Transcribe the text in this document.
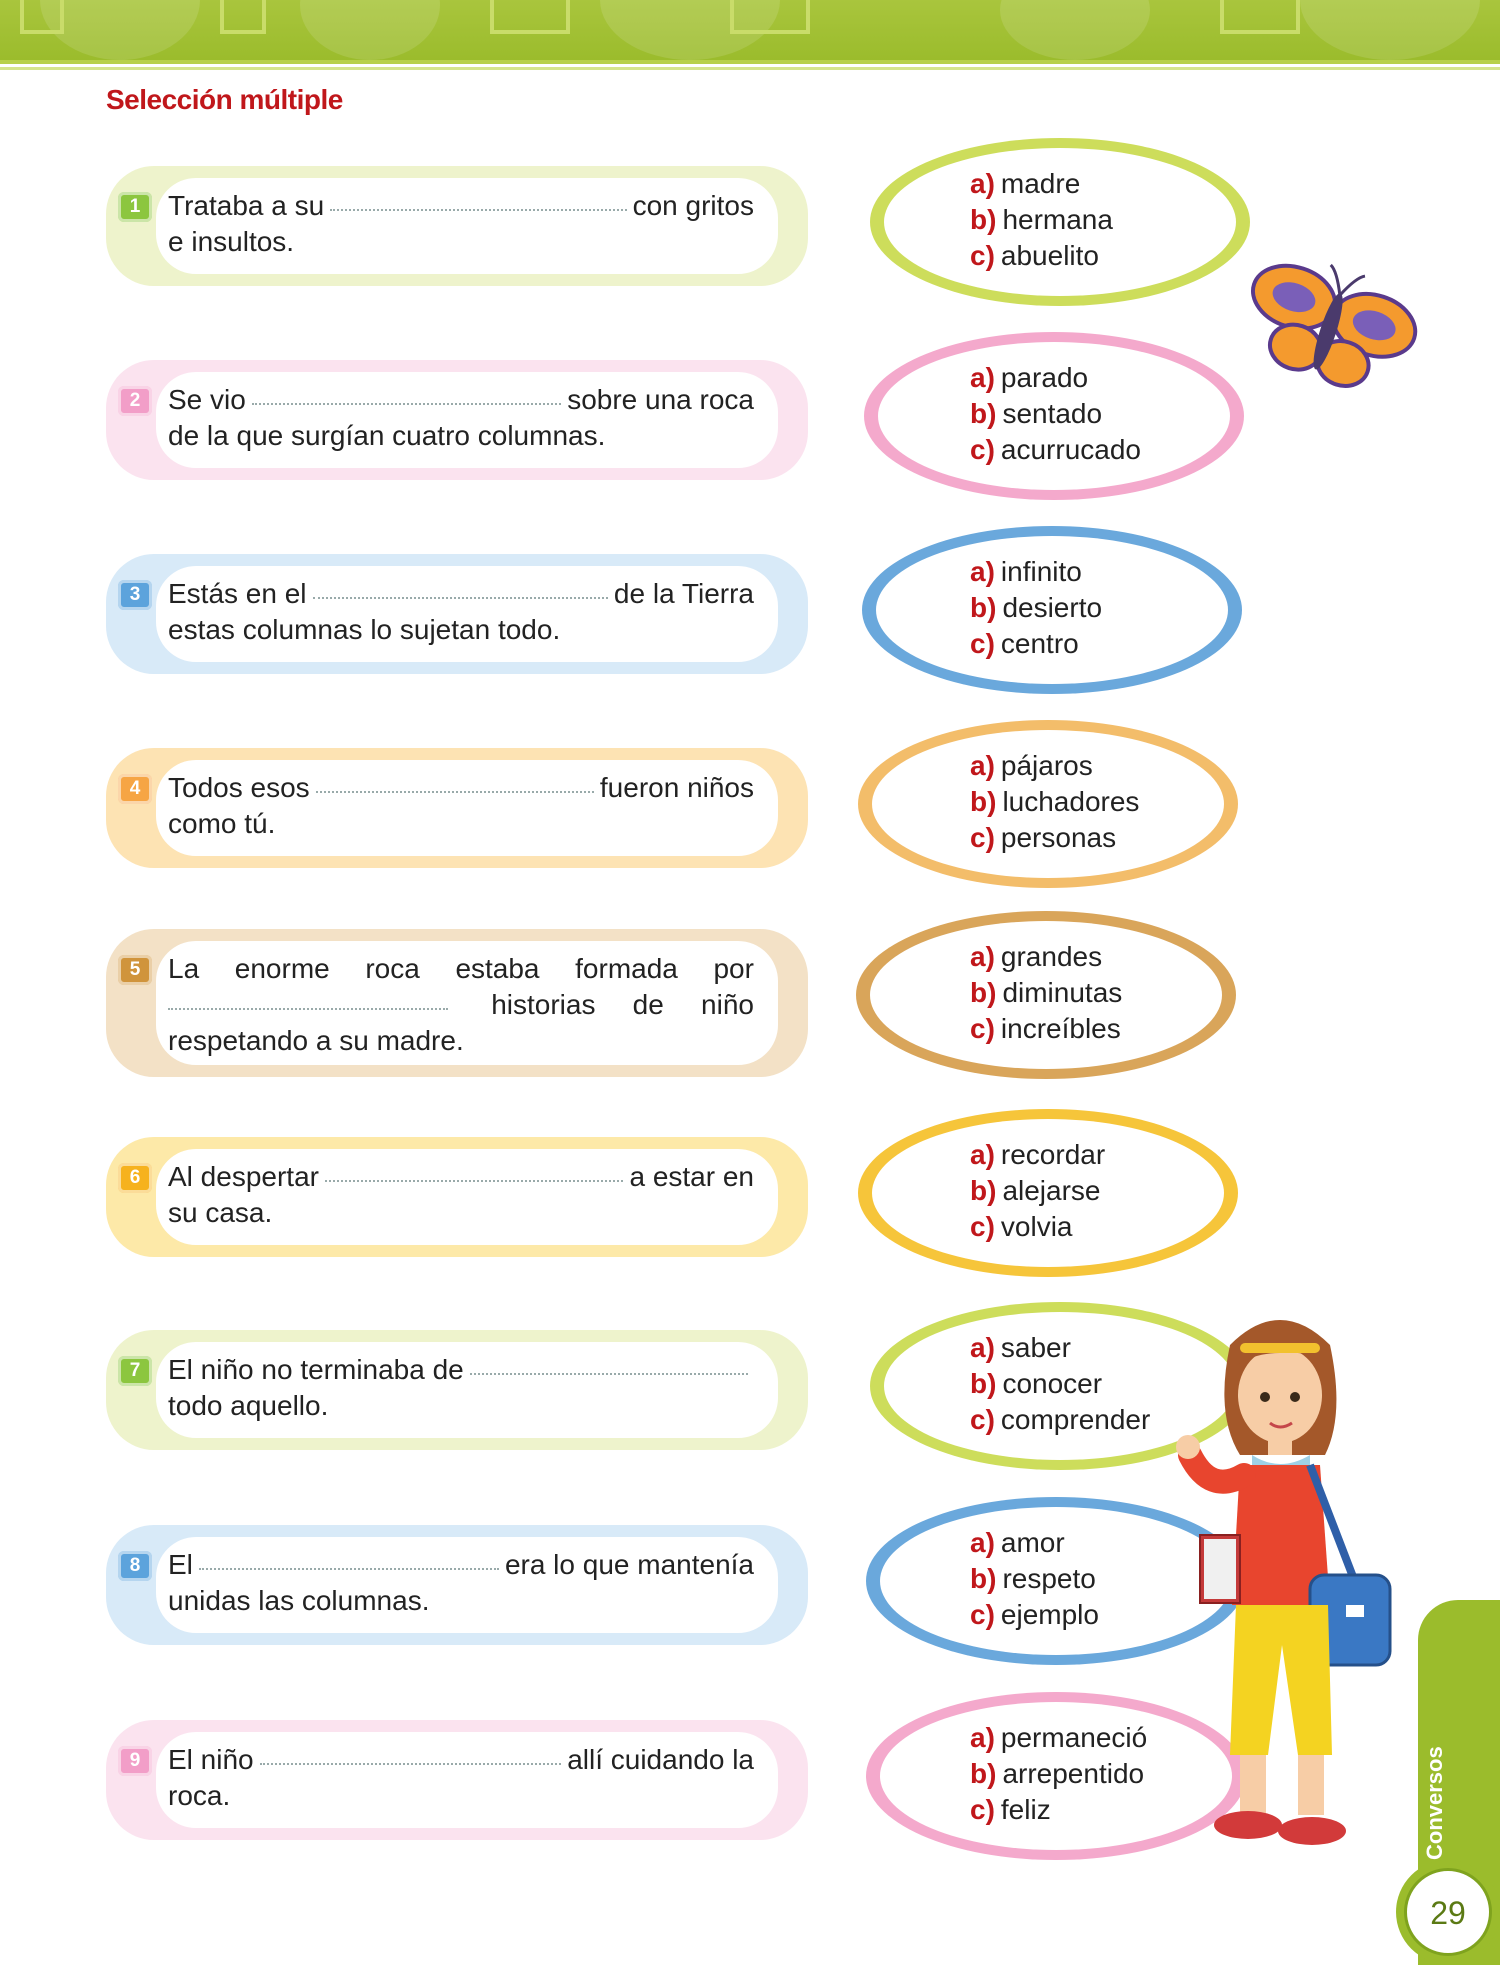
Selección múltiple
1 Trataba a su	con gritos
e insultos.
a) madre
b) hermana
c) abuelito
2 Se vio	sobre una roca
de la que surgían cuatro columnas.
a) parado
b) sentado
c) acurrucado
3 Estás en el	de la Tierra
estas columnas lo sujetan todo.
a) infinito
b) desierto
c) centro
4 Todos esos	fueron niños
como tú.
a) pájaros
b) luchadores
c) personas
5 La enorme roca estaba formada por
historias de niño
respetando a su madre.
a) grandes
b) diminutas
c) increíbles
6 Al despertar	a estar en
su casa.
a) recordar
b) alejarse
c) volvia
7 El niño no terminaba de
todo aquello.
a) saber
b) conocer
c) comprender
8 El	era lo que mantenía
unidas las columnas.
a) amor
b) respeto
c) ejemplo
9 El niño	allí cuidando la
roca.
a) permaneció
b) arrepentido
c) feliz	Conversos
29
